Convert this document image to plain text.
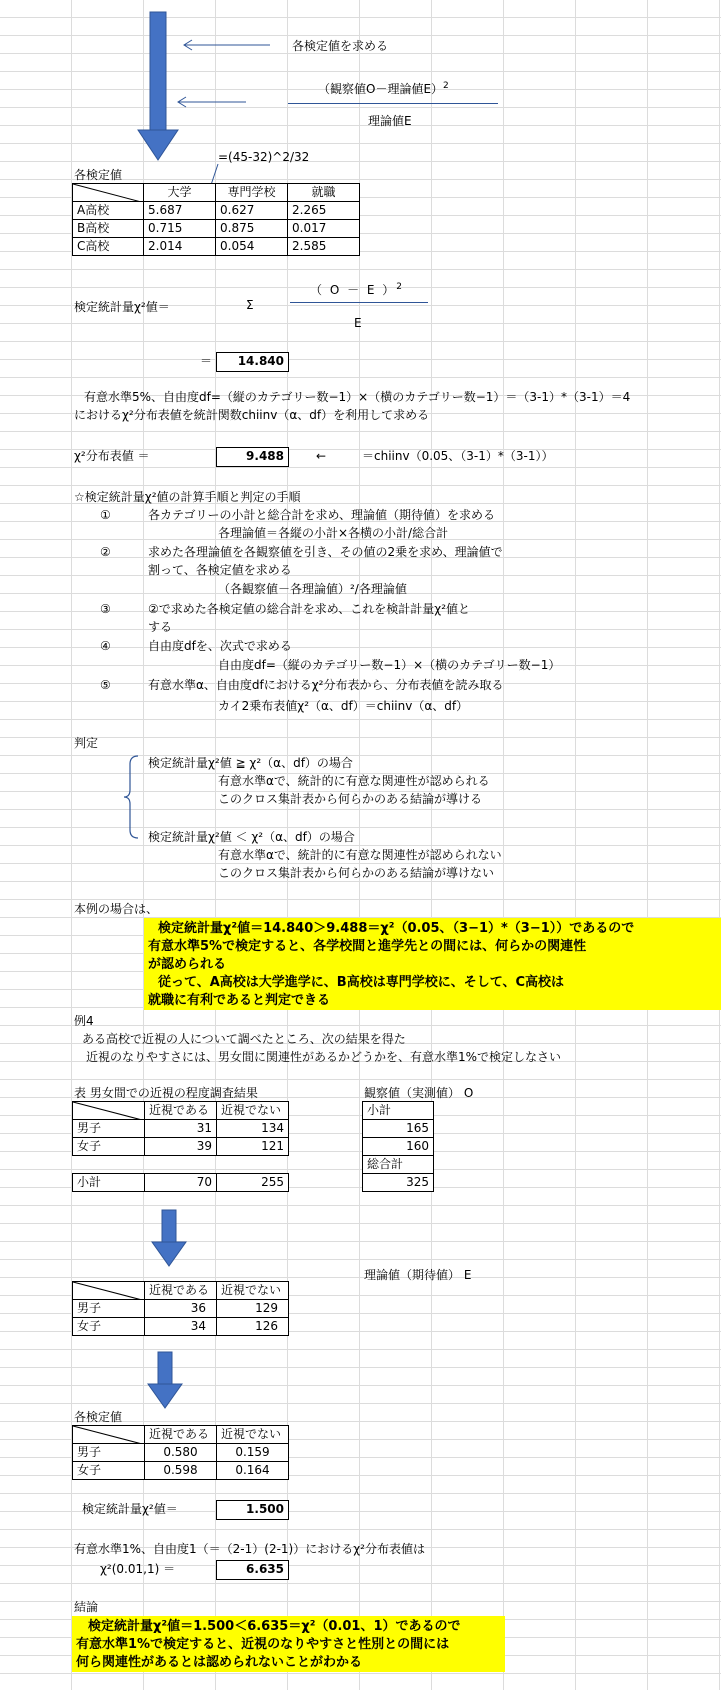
各検定値を求める
（観察値O－理論値E）$^2$
理論値E
=(45-32)^2/32
各検定値
大学	専門学校	就職
A高校	5.687	0.627	2.265
B高校	0.715	0.875	0.017
C高校	2.014	0.054	2.585
検定統計量χ²値＝	Σ
（ O － E ）$^2$
E
＝	14.840
有意水準5%、自由度df=（縦のカテゴリー数−1）×（横のカテゴリー数−1）＝（3-1）*（3-1）＝4
におけるχ²分布表値を統計関数chiinv（α、df）を利用して求める
χ²分布表値 ＝	9.488	←	＝chiinv（0.05、（3-1）*（3-1））
☆検定統計量χ²値の計算手順と判定の手順
①	各カテゴリーの小計と総合計を求め、理論値（期待値）を求める
各理論値＝各縦の小計×各横の小計/総合計
②	求めた各理論値を各観察値を引き、その値の2乗を求め、理論値で
割って、各検定値を求める
（各観察値－各理論値）²/各理論値
③	②で求めた各検定値の総合計を求め、これを検計計量χ²値と
する
④	自由度dfを、次式で求める
自由度df=（縦のカテゴリー数−1）×（横のカテゴリー数−1）
⑤	有意水準α、自由度dfにおけるχ²分布表から、分布表値を読み取る
カイ2乗布表値χ²（α、df）＝chiinv（α、df）
判定
検定統計量χ²値 ≧ χ²（α、df）の場合
有意水準αで、統計的に有意な関連性が認められる
このクロス集計表から何らかのある結論が導ける
検定統計量χ²値 ＜ χ²（α、df）の場合
有意水準αで、統計的に有意な関連性が認められない
このクロス集計表から何らかのある結論が導けない
本例の場合は、
検定統計量χ²値＝14.840＞9.488＝χ²（0.05、（3−1）*（3−1））であるので
有意水準5%で検定すると、各学校間と進学先との間には、何らかの関連性
が認められる
従って、A高校は大学進学に、B高校は専門学校に、そして、C高校は
就職に有利であると判定できる
例4
ある高校で近視の人について調べたところ、次の結果を得た
近視のなりやすさには、男女間に関連性があるかどうかを、有意水準1%で検定しなさい
表 男女間での近視の程度調査結果
近視である 近視でない
男子	31	134
女子	39	121
小計	70	255
観察値（実測値） O
小計
165
160
総合計
325
理論値（期待値） E
近視である 近視でない
男子	36	129
女子	34	126
各検定値
近視である 近視でない
男子	0.580	0.159
女子	0.598	0.164
検定統計量χ²値＝	1.500
有意水準1%、自由度1（＝（2-1）(2-1)）におけるχ²分布表値は
χ²(0.01,1) ＝	6.635
結論
検定統計量χ²値＝1.500＜6.635＝χ²（0.01、1）であるので
有意水準1%で検定すると、近視のなりやすさと性別との間には
何ら関連性があるとは認められないことがわかる
